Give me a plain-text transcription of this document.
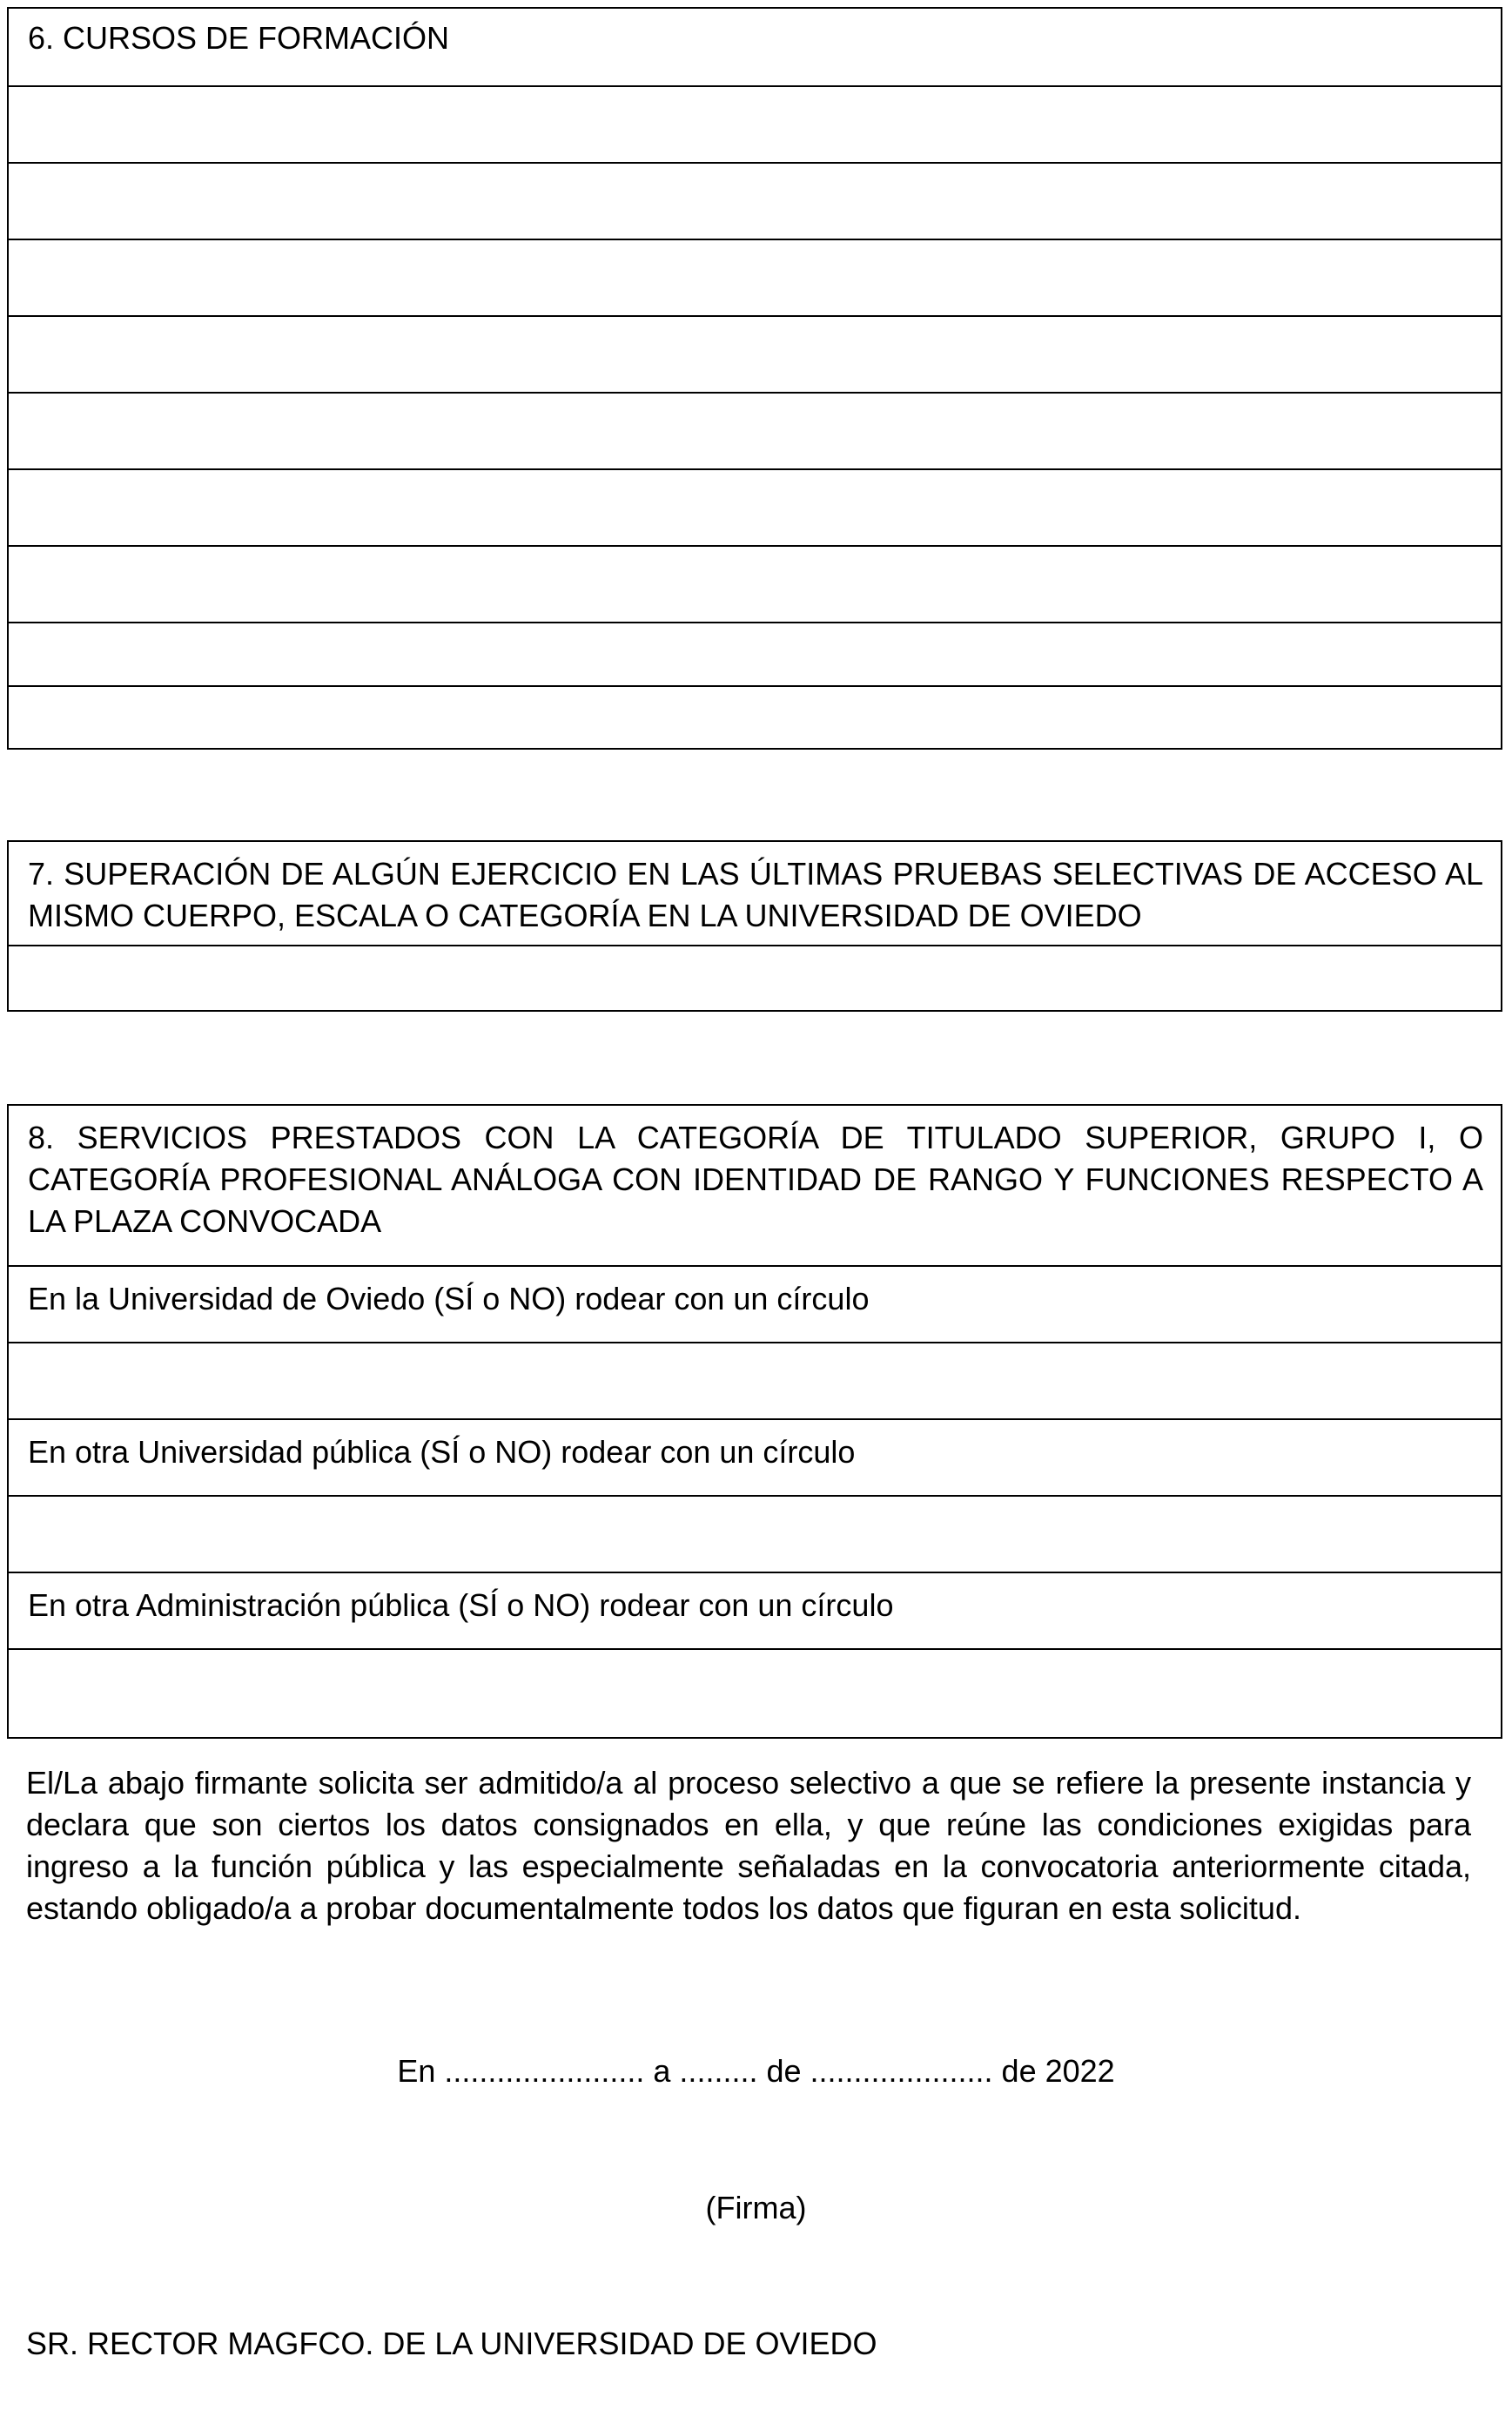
6. CURSOS DE FORMACIÓN
7. SUPERACIÓN DE ALGÚN EJERCICIO EN LAS ÚLTIMAS PRUEBAS SELECTIVAS DE ACCESO AL MISMO CUERPO, ESCALA O CATEGORÍA EN LA UNIVERSIDAD DE OVIEDO
8. SERVICIOS PRESTADOS CON LA CATEGORÍA DE TITULADO SUPERIOR, GRUPO I, O CATEGORÍA PROFESIONAL ANÁLOGA CON IDENTIDAD DE RANGO Y FUNCIONES RESPECTO A LA PLAZA CONVOCADA
En la Universidad de Oviedo (SÍ o NO) rodear con un círculo
En otra Universidad pública (SÍ o NO) rodear con un círculo
En otra Administración pública (SÍ o NO) rodear con un círculo
El/La abajo firmante solicita ser admitido/a al proceso selectivo a que se refiere la presente instancia y declara que son ciertos los datos consignados en ella, y que reúne las condiciones exigidas para ingreso a la función pública y las especialmente señaladas en la convocatoria anteriormente citada, estando obligado/a a probar documentalmente todos los datos que figuran en esta solicitud.
En ....................... a ......... de ..................... de 2022
(Firma)
SR. RECTOR MAGFCO. DE LA UNIVERSIDAD DE OVIEDO
